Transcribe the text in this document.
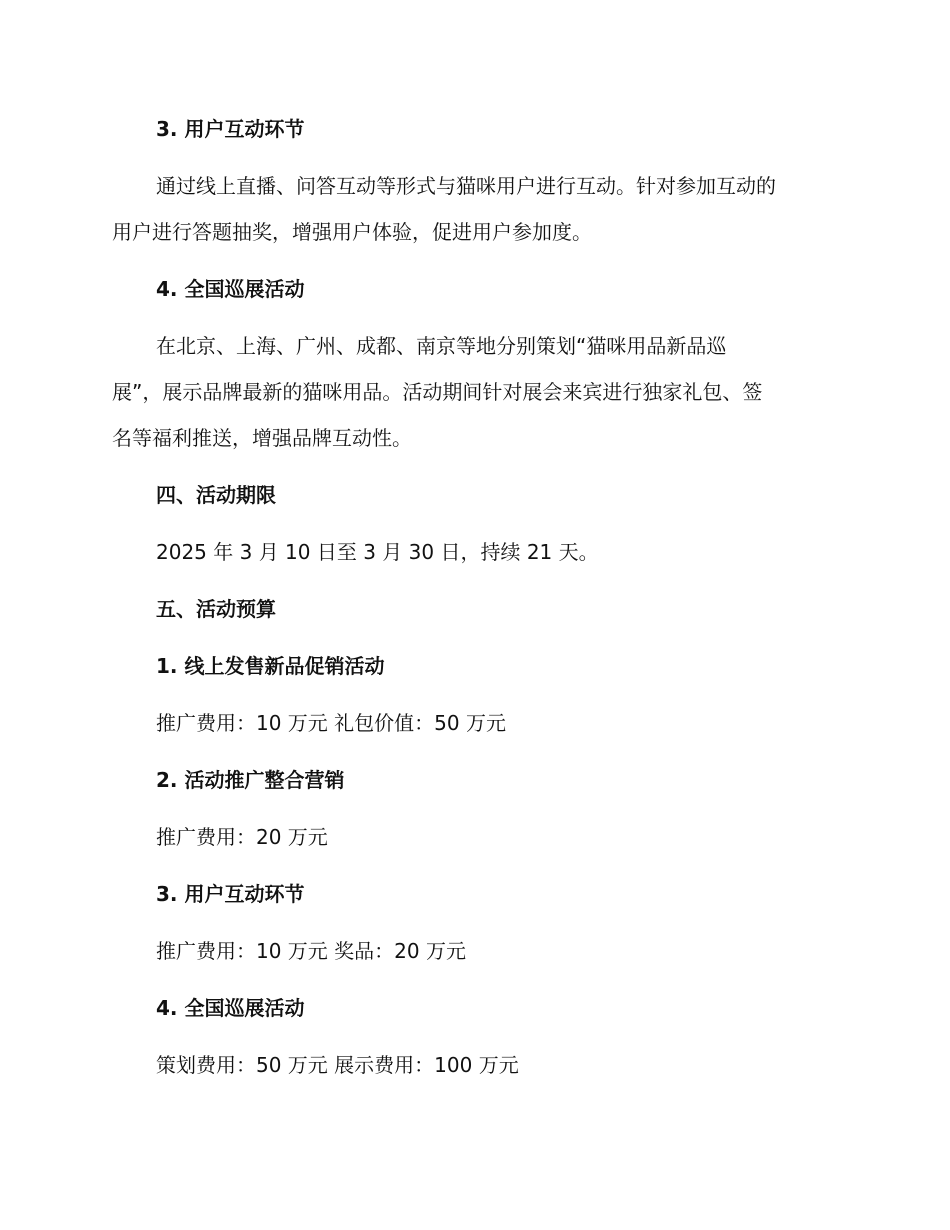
3. 用户互动环节
通过线上直播、问答互动等形式与猫咪用户进行互动。针对参加互动的
用户进行答题抽奖，增强用户体验，促进用户参加度。
4. 全国巡展活动
在北京、上海、广州、成都、南京等地分别策划“猫咪用品新品巡
展”，展示品牌最新的猫咪用品。活动期间针对展会来宾进行独家礼包、签
名等福利推送，增强品牌互动性。
四、活动期限
2025 年 3 月 10 日至 3 月 30 日，持续 21 天。
五、活动预算
1. 线上发售新品促销活动
推广费用：10 万元 礼包价值：50 万元
2. 活动推广整合营销
推广费用：20 万元
3. 用户互动环节
推广费用：10 万元 奖品：20 万元
4. 全国巡展活动
策划费用：50 万元 展示费用：100 万元
